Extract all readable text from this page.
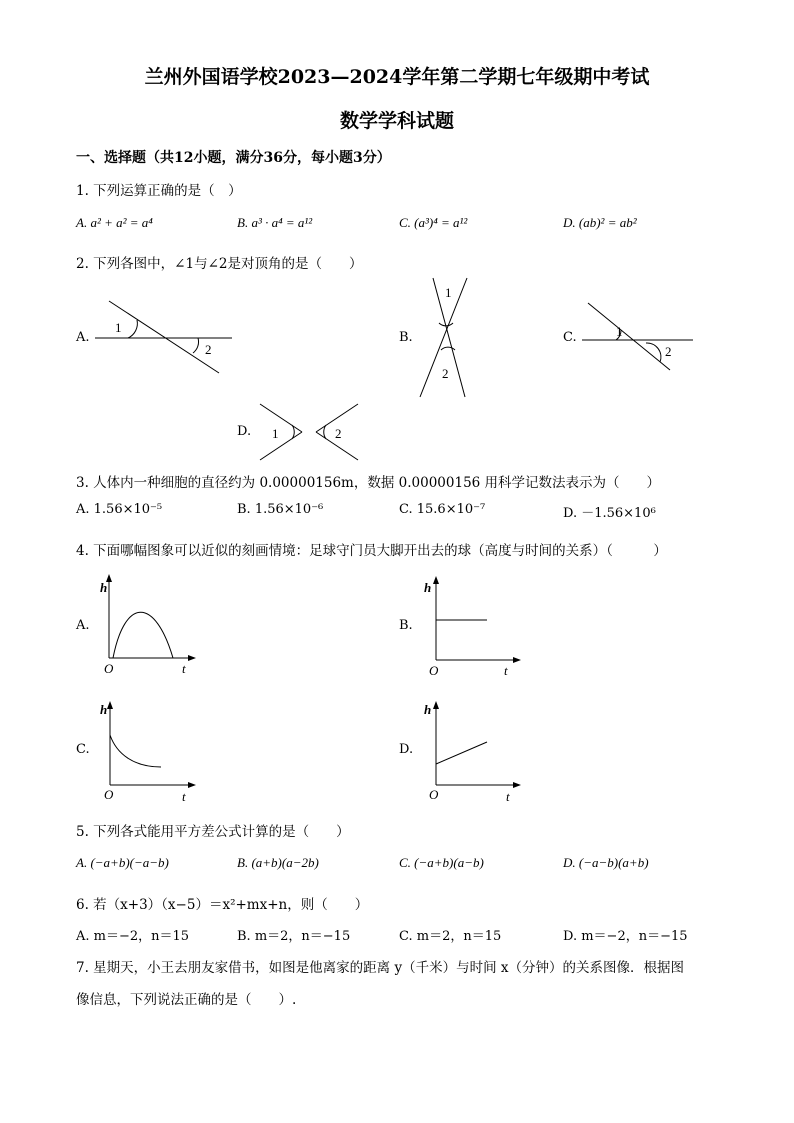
兰州外国语学校2023—2024学年第二学期七年级期中考试
数学学科试题
一、选择题（共12小题，满分36分，每小题3分）
1. 下列运算正确的是（　）
A. a² + a² = a⁴	B. a³ · a⁴ = a¹²	C. (a³)⁴ = a¹²	D. (ab)² = ab²
2. 下列各图中，∠1与∠2是对顶角的是（　　）
A.
1
2
B.
1
2
C.	1
2
D. 1	2
3. 人体内一种细胞的直径约为 0.00000156m，数据 0.00000156 用科学记数法表示为（　　）
A. 1.56×10⁻⁵	B. 1.56×10⁻⁶	C. 15.6×10⁻⁷	D. －1.56×10⁶
4. 下面哪幅图象可以近似的刻画情境：足球守门员大脚开出去的球（高度与时间的关系）（　　　）
A.
h
O	t
B.
h
O	t
C.
h
O	t
D.
h
O	t
5. 下列各式能用平方差公式计算的是（　　）
A. (−a+b)(−a−b)	B. (a+b)(a−2b)	C. (−a+b)(a−b)	D. (−a−b)(a+b)
6. 若（x+3）（x−5）＝x²+mx+n，则（　　）
A. m＝−2，n＝15	B. m＝2，n＝−15	C. m＝2，n＝15	D. m＝−2，n＝−15
7. 星期天，小王去朋友家借书，如图是他离家的距离 y（千米）与时间 x（分钟）的关系图像．根据图
像信息，下列说法正确的是（　　）.
